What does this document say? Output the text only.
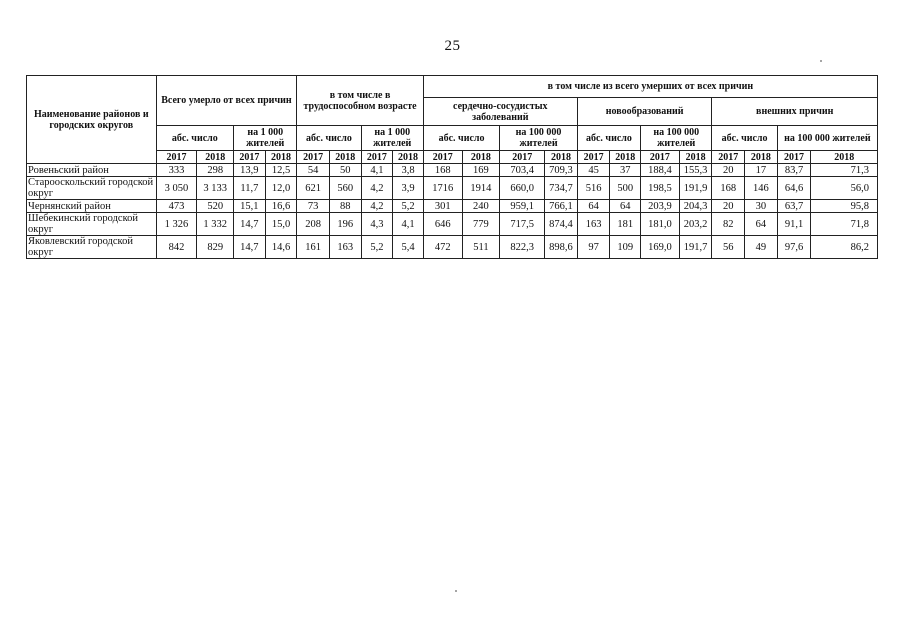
25
Наименование районов и городских округов	Всего умерло от всех причин				в том числе в трудоспособном возрасте				в том числе из всего умерших от всех причин											
									сердечно-сосудистых заболеваний				новообразований				внешних причин			
	абс. число		на 1 000 жителей		абс. число		на 1 000 жителей		абс. число		на 100 000 жителей		абс. число		на 100 000 жителей		абс. число		на 100 000 жителей	
	2017	2018	2017	2018	2017	2018	2017	2018	2017	2018	2017	2018	2017	2018	2017	2018	2017	2018	2017	2018
Ровеньский район	333	298	13,9	12,5	54	50	4,1	3,8	168	169	703,4	709,3	45	37	188,4	155,3	20	17	83,7	71,3
Старооскольский городской округ	3 050	3 133	11,7	12,0	621	560	4,2	3,9	1716	1914	660,0	734,7	516	500	198,5	191,9	168	146	64,6	56,0
Чернянский район	473	520	15,1	16,6	73	88	4,2	5,2	301	240	959,1	766,1	64	64	203,9	204,3	20	30	63,7	95,8
Шебекинский городской округ	1 326	1 332	14,7	15,0	208	196	4,3	4,1	646	779	717,5	874,4	163	181	181,0	203,2	82	64	91,1	71,8
Яковлевский городской округ	842	829	14,7	14,6	161	163	5,2	5,4	472	511	822,3	898,6	97	109	169,0	191,7	56	49	97,6	86,2
